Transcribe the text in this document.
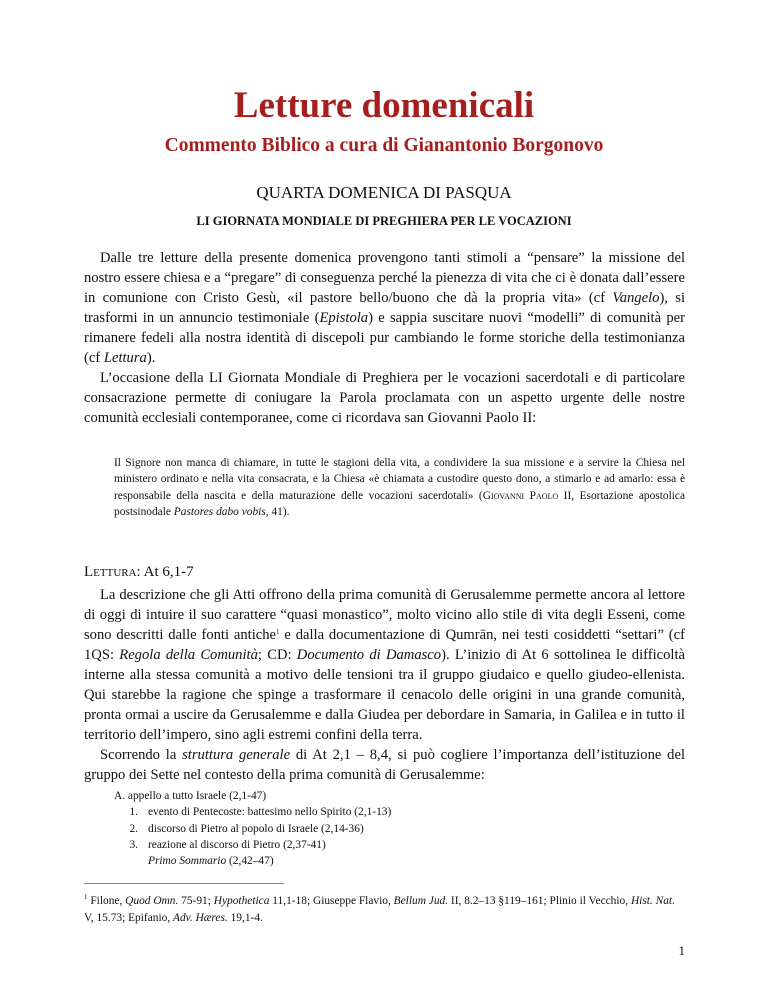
Letture domenicali
Commento Biblico a cura di Gianantonio Borgonovo
QUARTA DOMENICA DI PASQUA
LI GIORNATA MONDIALE DI PREGHIERA PER LE VOCAZIONI

Dalle tre letture della presente domenica provengono tanti stimoli a “pensare” la missione del nostro essere chiesa e a “pregare” di conseguenza perché la pienezza di vita che ci è donata dall’essere in comunione con Cristo Gesù, «il pastore bello/buono che dà la propria vita» (cf Vangelo), si trasformi in un annuncio testimoniale (Epistola) e sappia suscitare nuovi “modelli” di comunità per rimanere fedeli alla nostra identità di discepoli pur cambiando le forme storiche della testimonianza (cf Lettura).

L’occasione della LI Giornata Mondiale di Preghiera per le vocazioni sacerdotali e di particolare consacrazione permette di coniugare la Parola proclamata con un aspetto urgente delle nostre comunità ecclesiali contemporanee, come ci ricordava san Giovanni Paolo II:

Il Signore non manca di chiamare, in tutte le stagioni della vita, a condividere la sua missione e a servire la Chiesa nel ministero ordinato e nella vita consacrata, e la Chiesa «è chiamata a custodire questo dono, a stimarlo e ad amarlo: essa è responsabile della nascita e della maturazione delle vocazioni sacerdotali» (Giovanni Paolo II, Esortazione apostolica postsinodale Pastores dabo vobis, 41).
Lettura: At 6,1-7

La descrizione che gli Atti offrono della prima comunità di Gerusalemme permette ancora al lettore di oggi di intuire il suo carattere “quasi monastico”, molto vicino allo stile di vita degli Esseni, come sono descritti dalle fonti antiche$^1$ e dalla documentazione di Qumrān, nei testi cosiddetti “settari” (cf 1QS: Regola della Comunità; CD: Documento di Damasco). L’inizio di At 6 sottolinea le difficoltà interne alla stessa comunità a motivo delle tensioni tra il gruppo giudaico e quello giudeo-ellenista. Qui starebbe la ragione che spinge a trasformare il cenacolo delle origini in una grande comunità, pronta ormai a uscire da Gerusalemme e dalla Giudea per debordare in Samaria, in Galilea e in tutto il territorio dell’impero, sino agli estremi confini della terra.

Scorrendo la struttura generale di At 2,1 – 8,4, si può cogliere l’importanza dell’istituzione del gruppo dei Sette nel contesto della prima comunità di Gerusalemme:

A. appello a tutto Israele (2,1-47)
1. evento di Pentecoste: battesimo nello Spirito (2,1-13)
2. discorso di Pietro al popolo di Israele (2,14-36)
3. reazione al discorso di Pietro (2,37-41)
Primo Sommario (2,42–47)
$^1$ Filone, Quod Omn. 75-91; Hypothetica 11,1-18; Giuseppe Flavio, Bellum Jud. II, 8.2–13 §119–161; Plinio il Vecchio, Hist. Nat. V, 15.73; Epifanio, Adv. Hæres. 19,1-4.
1
